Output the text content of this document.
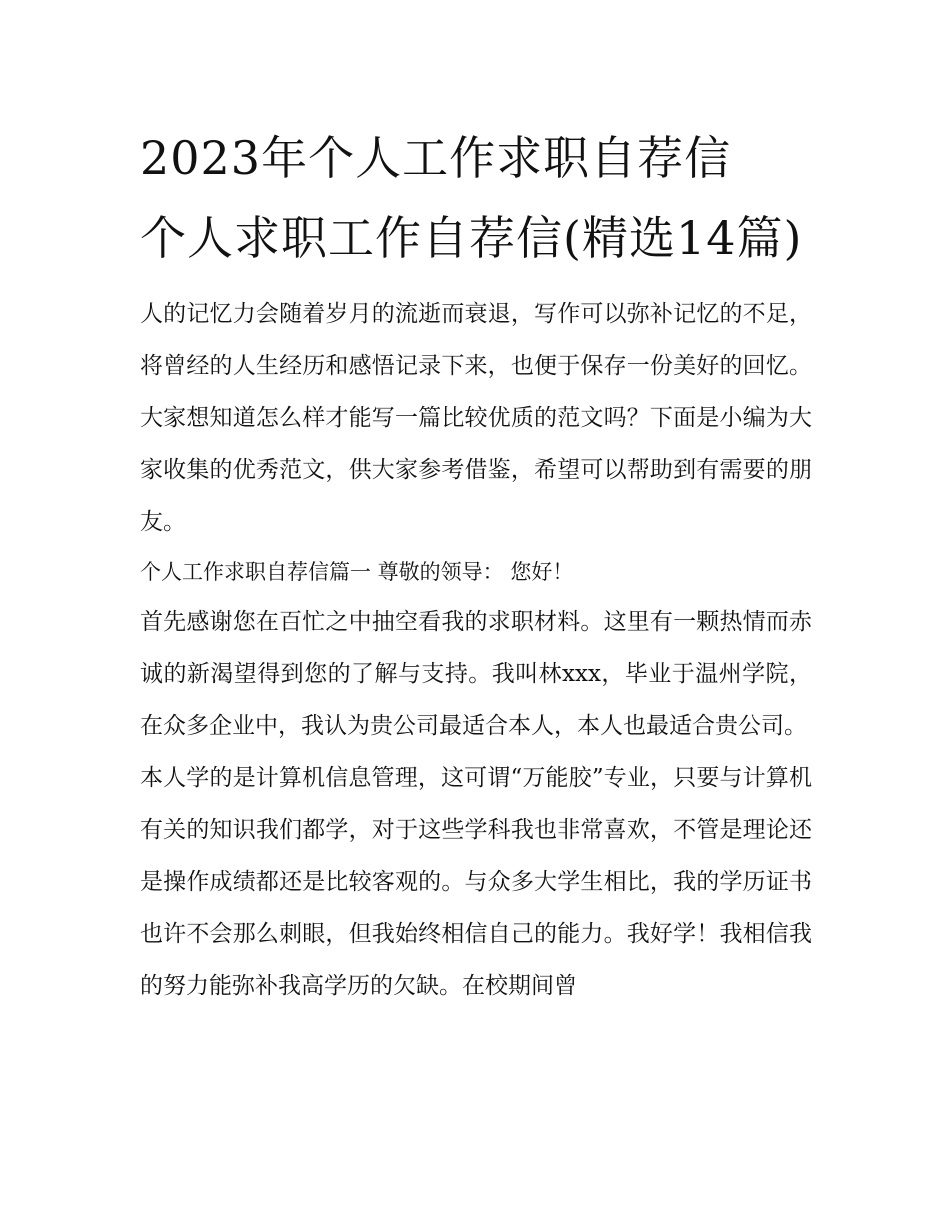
2023年个人工作求职自荐信
个人求职工作自荐信(精选14篇)

人的记忆力会随着岁月的流逝而衰退，写作可以弥补记忆的不足，将曾经的人生经历和感悟记录下来，也便于保存一份美好的回忆。大家想知道怎么样才能写一篇比较优质的范文吗？下面是小编为大家收集的优秀范文，供大家参考借鉴，希望可以帮助到有需要的朋友。

个人工作求职自荐信篇一 尊敬的领导： 您好！

首先感谢您在百忙之中抽空看我的求职材料。这里有一颗热情而赤诚的新渴望得到您的了解与支持。我叫林xxx，毕业于温州学院，在众多企业中，我认为贵公司最适合本人，本人也最适合贵公司。

本人学的是计算机信息管理，这可谓“万能胶”专业，只要与计算机有关的知识我们都学，对于这些学科我也非常喜欢，不管是理论还是操作成绩都还是比较客观的。与众多大学生相比，我的学历证书也许不会那么刺眼，但我始终相信自己的能力。我好学！我相信我的努力能弥补我高学历的欠缺。在校期间曾
